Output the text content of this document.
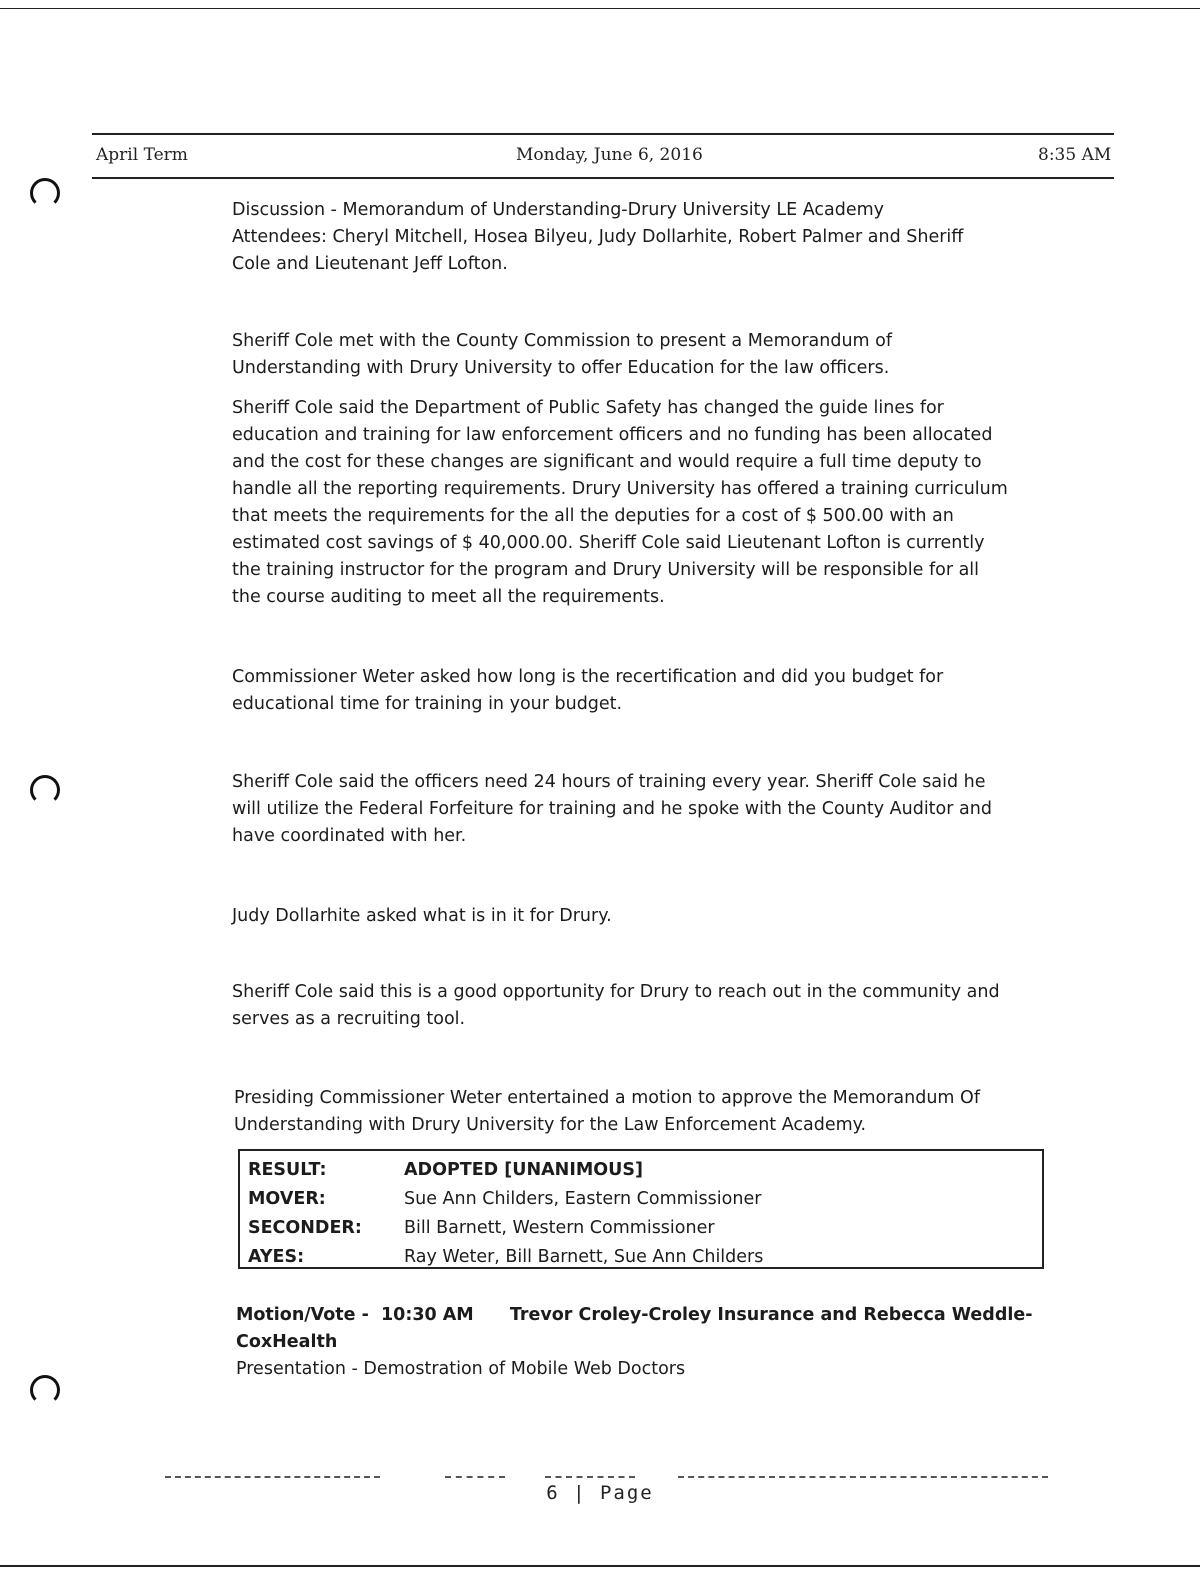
April Term	Monday, June 6, 2016	8:35 AM

Discussion - Memorandum of Understanding-Drury University LE Academy

Attendees: Cheryl Mitchell, Hosea Bilyeu, Judy Dollarhite, Robert Palmer and Sheriff

Cole and Lieutenant Jeff Lofton.

Sheriff Cole met with the County Commission to present a Memorandum of

Understanding with Drury University to offer Education for the law officers.

Sheriff Cole said the Department of Public Safety has changed the guide lines for

education and training for law enforcement officers and no funding has been allocated

and the cost for these changes are significant and would require a full time deputy to

handle all the reporting requirements. Drury University has offered a training curriculum

that meets the requirements for the all the deputies for a cost of $ 500.00 with an

estimated cost savings of $ 40,000.00. Sheriff Cole said Lieutenant Lofton is currently

the training instructor for the program and Drury University will be responsible for all

the course auditing to meet all the requirements.

Commissioner Weter asked how long is the recertification and did you budget for

educational time for training in your budget.

Sheriff Cole said the officers need 24 hours of training every year. Sheriff Cole said he

will utilize the Federal Forfeiture for training and he spoke with the County Auditor and

have coordinated with her.

Judy Dollarhite asked what is in it for Drury.

Sheriff Cole said this is a good opportunity for Drury to reach out in the community and

serves as a recruiting tool.

Presiding Commissioner Weter entertained a motion to approve the Memorandum Of

Understanding with Drury University for the Law Enforcement Academy.

RESULT:	ADOPTED [UNANIMOUS]
MOVER:	Sue Ann Childers, Eastern Commissioner
SECONDER:	Bill Barnett, Western Commissioner
AYES:	Ray Weter, Bill Barnett, Sue Ann Childers

Motion/Vote - 10:30 AM Trevor Croley-Croley Insurance and Rebecca Weddle-

CoxHealth

Presentation - Demostration of Mobile Web Doctors

6 | Page
